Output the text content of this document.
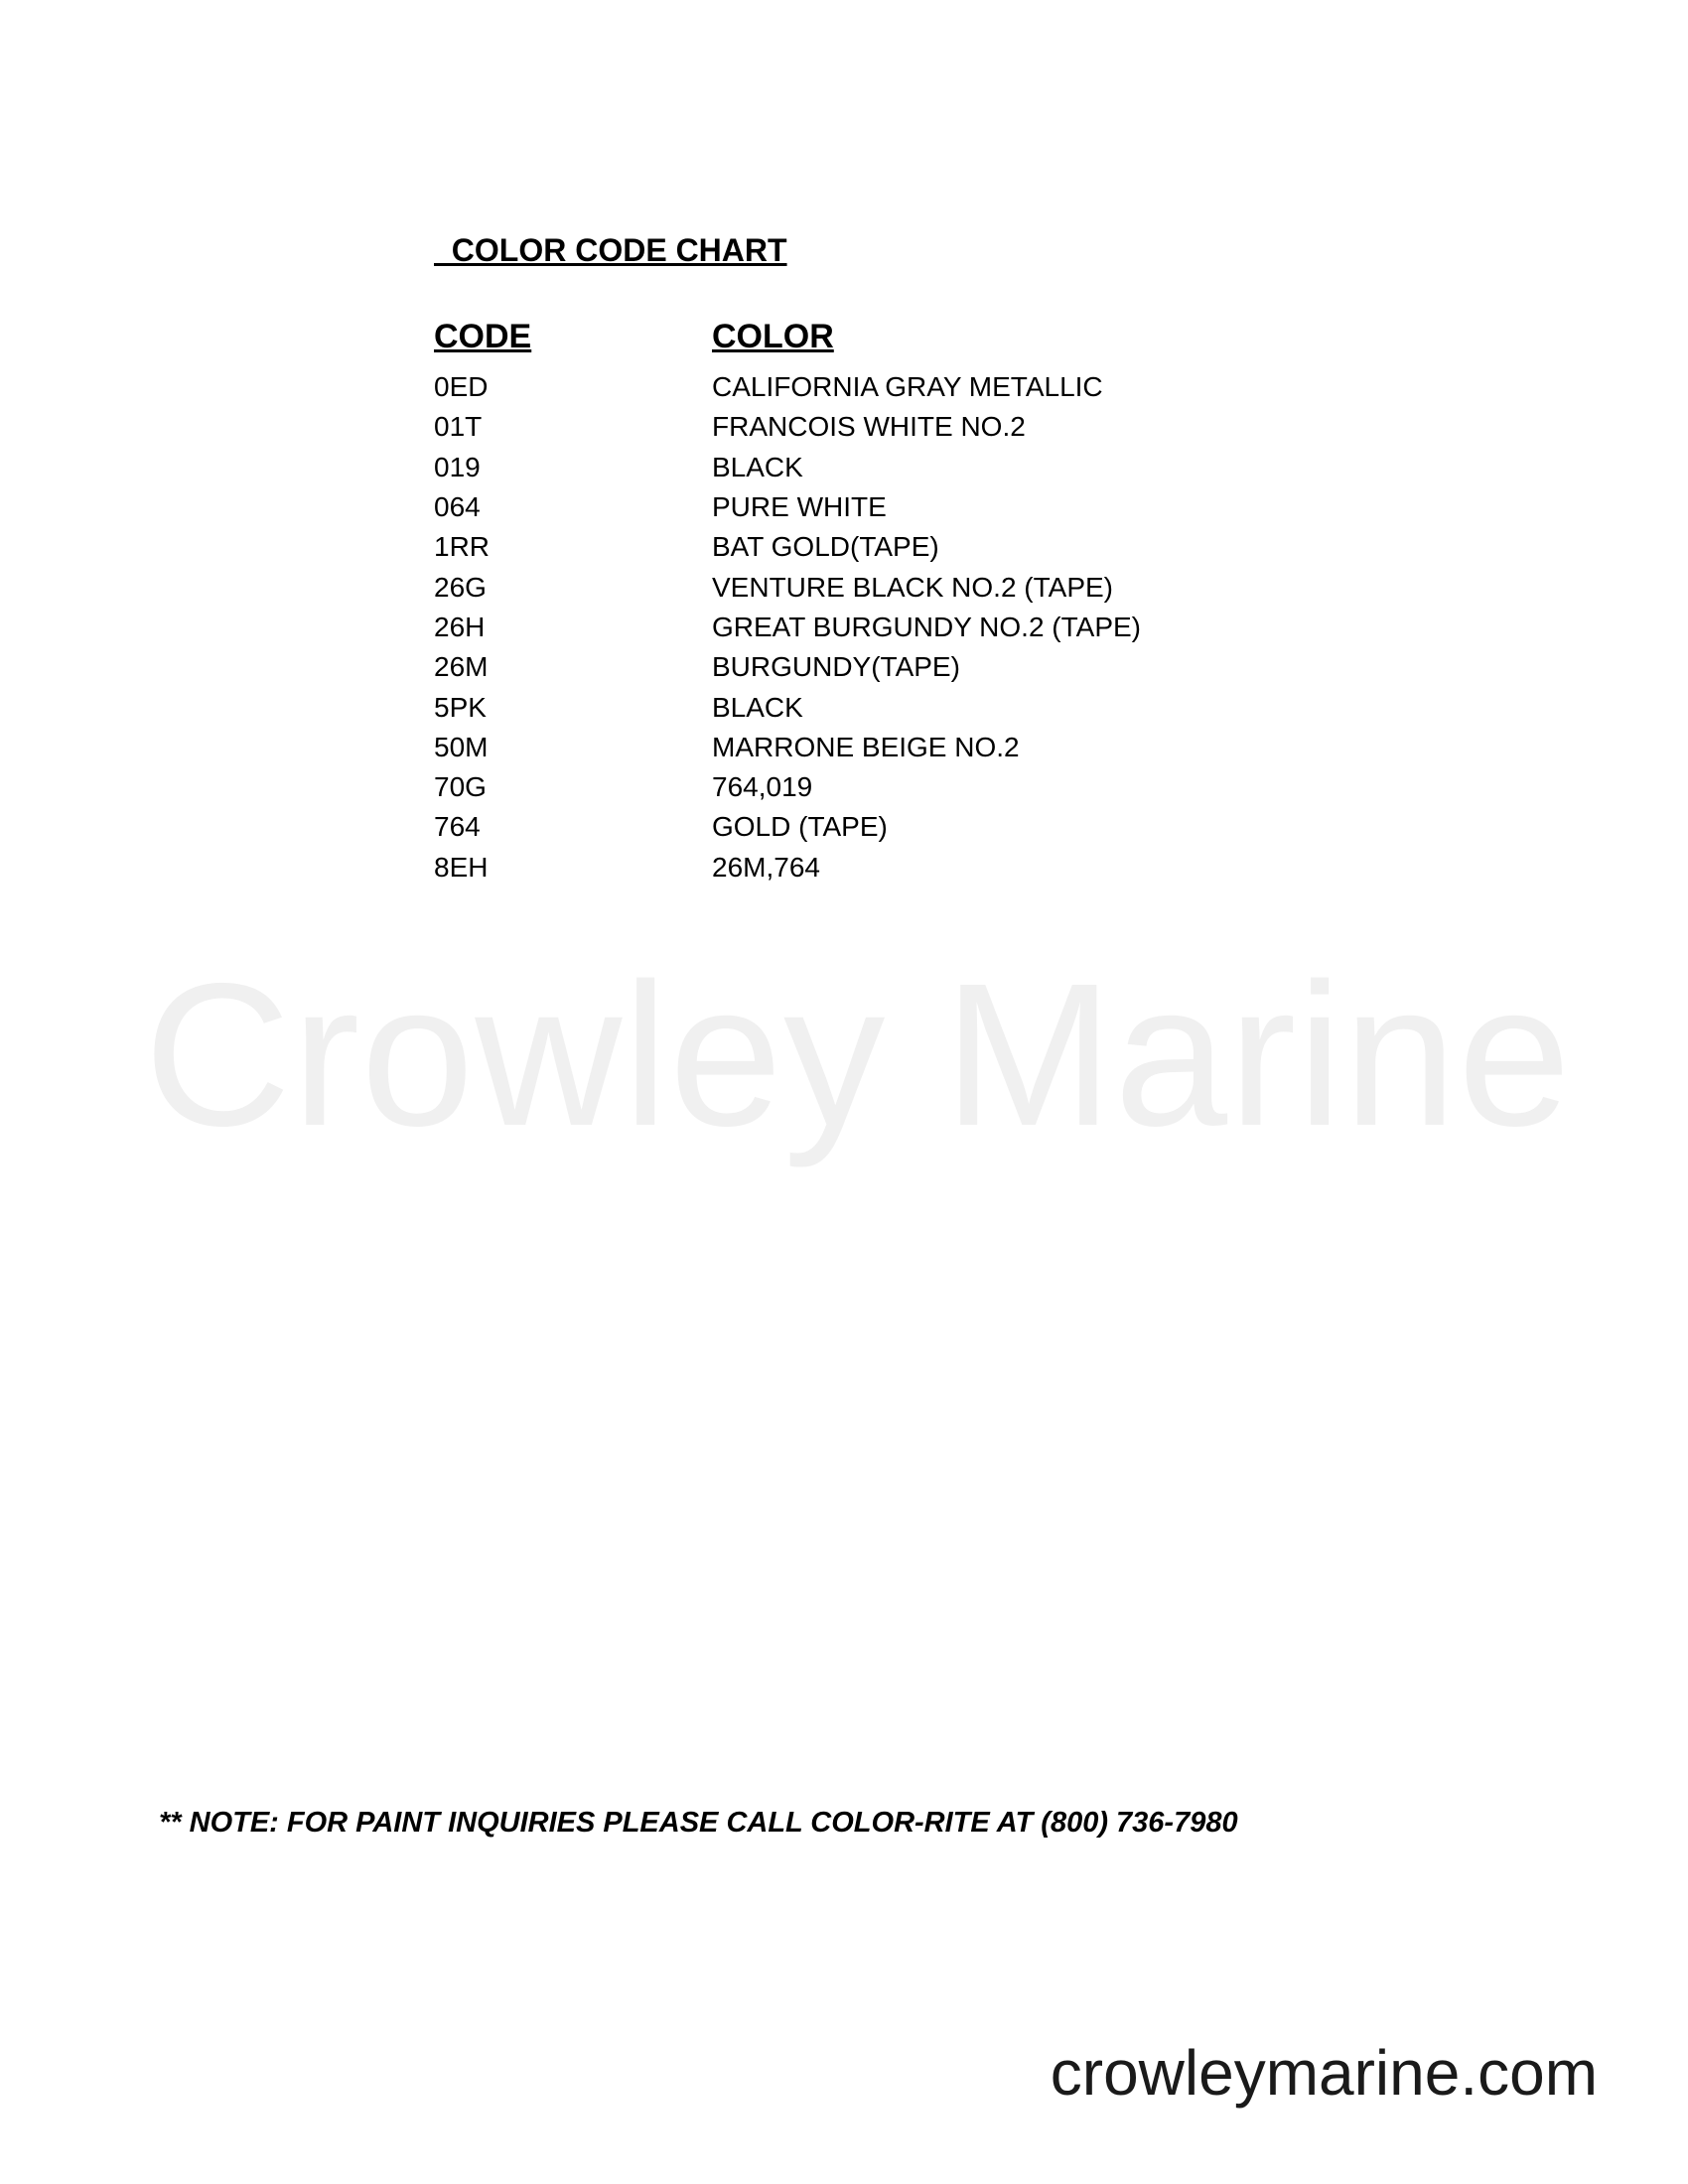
Crowley Marine
COLOR CODE CHART
CODE	COLOR
0ED	CALIFORNIA GRAY METALLIC
01T	FRANCOIS WHITE NO.2
019	BLACK
064	PURE WHITE
1RR	BAT GOLD(TAPE)
26G	VENTURE BLACK NO.2 (TAPE)
26H	GREAT BURGUNDY NO.2 (TAPE)
26M	BURGUNDY(TAPE)
5PK	BLACK
50M	MARRONE BEIGE NO.2
70G	764,019
764	GOLD (TAPE)
8EH	26M,764
** NOTE: FOR PAINT INQUIRIES PLEASE CALL COLOR-RITE AT (800) 736-7980
crowleymarine.com
